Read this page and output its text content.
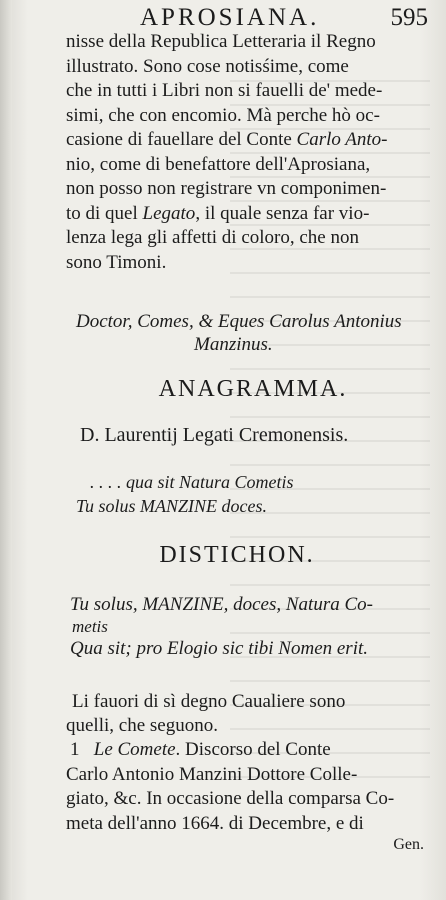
APROSIANA.	595
nisse della Republica Letteraria il Regno
illustrato. Sono cose notisśime, come
che in tutti i Libri non si fauelli de' mede-
simi, che con encomio. Mà perche hò oc-
casione di fauellare del Conte Carlo Anto-
nio, come di benefattore dell'Aprosiana,
non posso non registrare vn componimen-
to di quel Legato, il quale senza far vio-
lenza lega gli affetti di coloro, che non
sono Timoni.
Doctor, Comes, & Eques Carolus Antonius
Manzinus.
ANAGRAMMA.
D. Laurentij Legati Cremonensis.
. . . . qua sit Natura Cometis
Tu solus MANZINE doces.
DISTICHON.
Tu solus, MANZINE, doces, Natura Co-
metis
Qua sit; pro Elogio sic tibi Nomen erit.
Li fauori di sì degno Caualiere sono
quelli, che seguono.
1 Le Comete. Discorso del Conte
Carlo Antonio Manzini Dottore Colle-
giato, &c. In occasione della comparsa Co-
meta dell'anno 1664. di Decembre, e di
Gen.
